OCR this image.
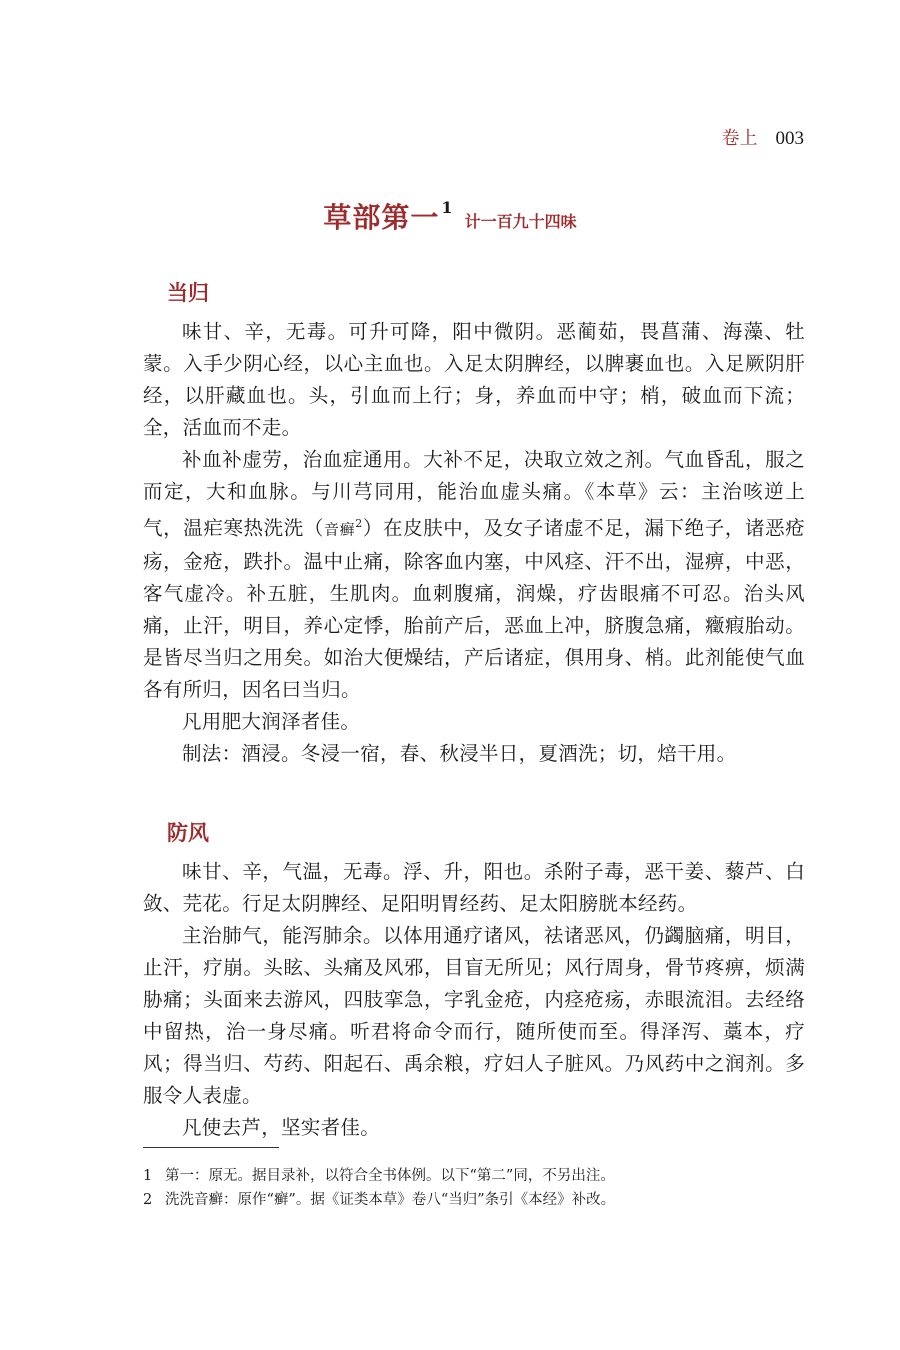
卷上 003
草部第一 $^1$计一百九十四味
当归

味甘、辛，无毒。可升可降，阳中微阴。恶蔺茹，畏菖蒲、海藻、牡蒙。入手少阴心经，以心主血也。入足太阴脾经，以脾裹血也。入足厥阴肝经，以肝藏血也。头，引血而上行；身，养血而中守；梢，破血而下流；全，活血而不走。

补血补虚劳，治血症通用。大补不足，决取立效之剂。气血昏乱，服之而定，大和血脉。与川芎同用，能治血虚头痛。《本草》云：主治咳逆上气，温疟寒热洗洗（音癣$^2$）在皮肤中，及女子诸虚不足，漏下绝子，诸恶疮疡，金疮，跌扑。温中止痛，除客血内塞，中风痉、汗不出，湿痹，中恶，客气虚冷。补五脏，生肌肉。血刺腹痛，润燥，疗齿眼痛不可忍。治头风痛，止汗，明目，养心定悸，胎前产后，恶血上冲，脐腹急痛，癥瘕胎动。是皆尽当归之用矣。如治大便燥结，产后诸症，俱用身、梢。此剂能使气血各有所归，因名曰当归。

凡用肥大润泽者佳。

制法：酒浸。冬浸一宿，春、秋浸半日，夏酒洗；切，焙干用。

防风

味甘、辛，气温，无毒。浮、升，阳也。杀附子毒，恶干姜、藜芦、白敛、芫花。行足太阴脾经、足阳明胃经药、足太阳膀胱本经药。

主治肺气，能泻肺余。以体用通疗诸风，祛诸恶风，仍蠲脑痛，明目，止汗，疗崩。头眩、头痛及风邪，目盲无所见；风行周身，骨节疼痹，烦满胁痛；头面来去游风，四肢挛急，字乳金疮，内痉疮疡，赤眼流泪。去经络中留热，治一身尽痛。听君将命令而行，随所使而至。得泽泻、藁本，疗风；得当归、芍药、阳起石、禹余粮，疗妇人子脏风。乃风药中之润剂。多服令人表虚。

凡使去芦，坚实者佳。

1 第一：原无。据目录补，以符合全书体例。以下“第二”同，不另出注。
2 洗洗音癣：原作“癣”。据《证类本草》卷八“当归”条引《本经》补改。
